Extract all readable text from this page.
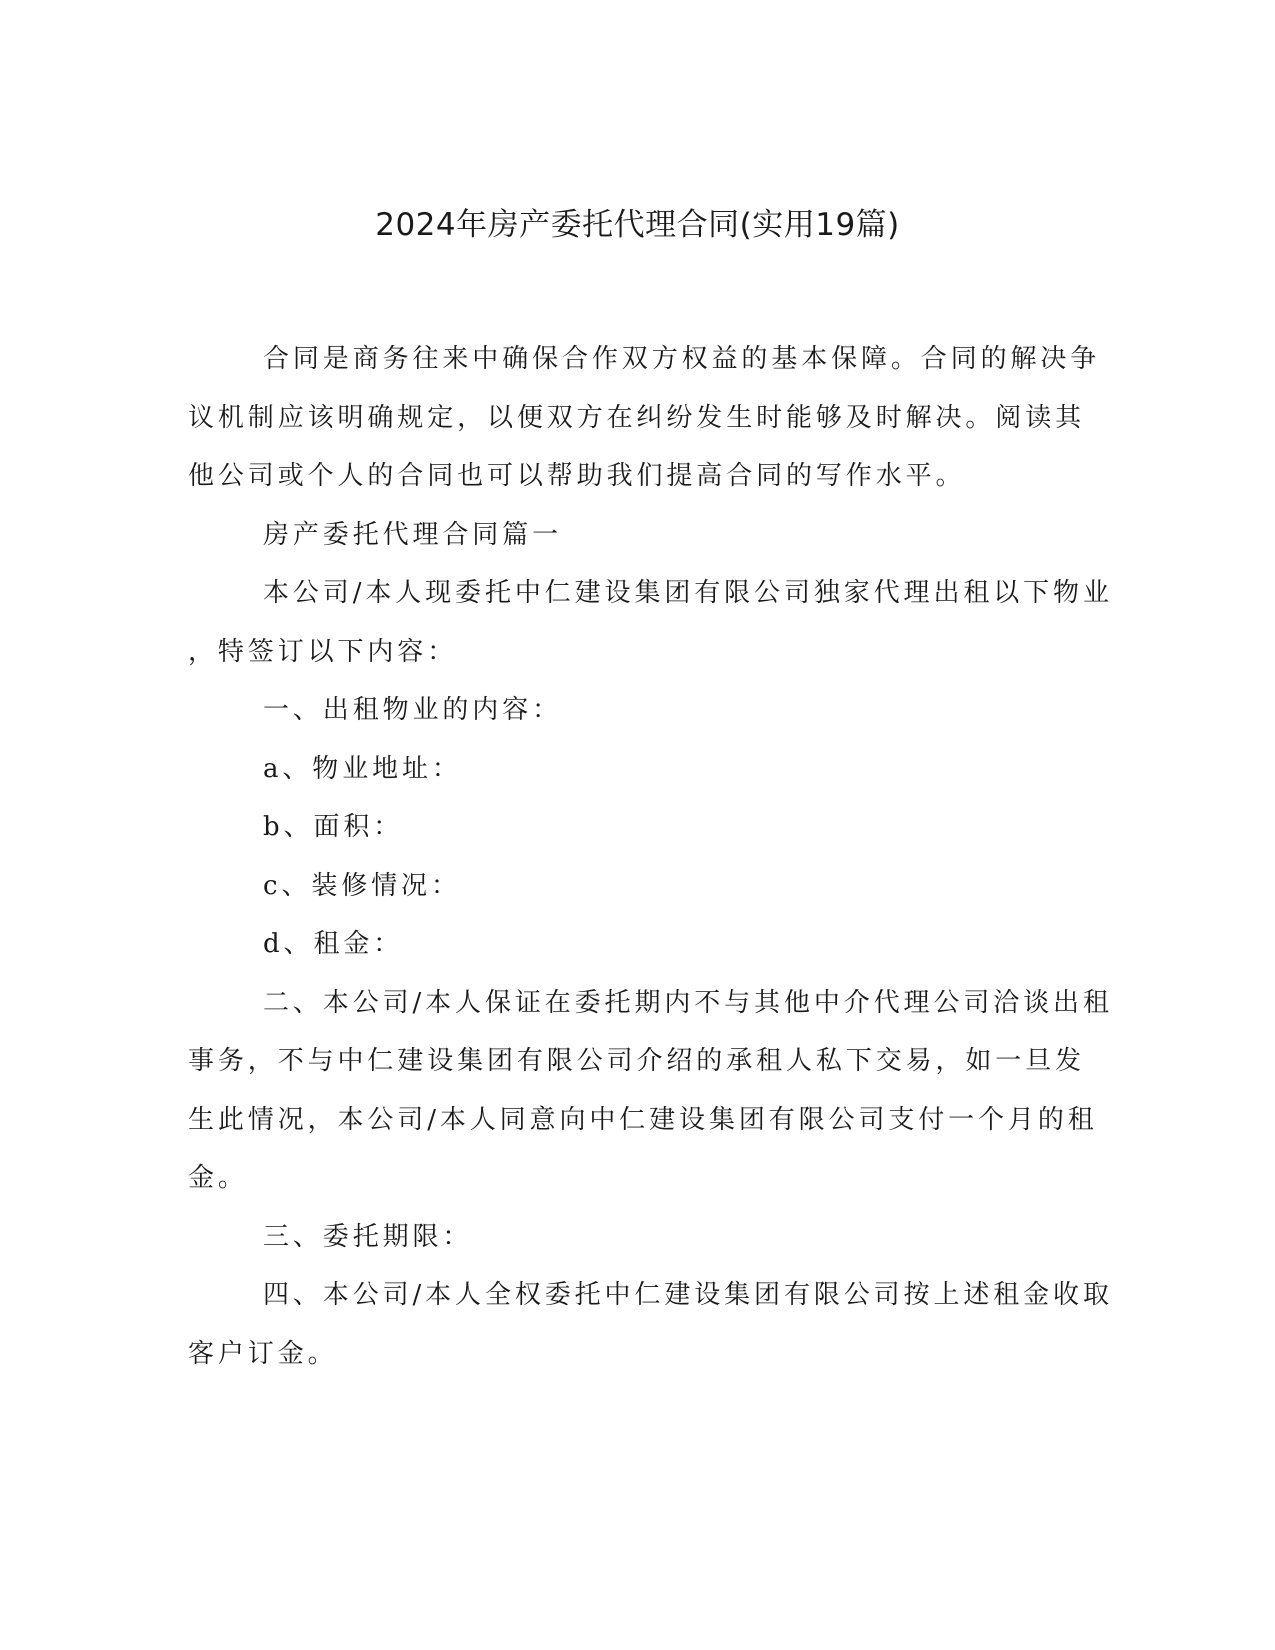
2024年房产委托代理合同(实用19篇)
合同是商务往来中确保合作双方权益的基本保障。合同的解决争
议机制应该明确规定，以便双方在纠纷发生时能够及时解决。阅读其
他公司或个人的合同也可以帮助我们提高合同的写作水平。
房产委托代理合同篇一
本公司/本人现委托中仁建设集团有限公司独家代理出租以下物业
，特签订以下内容：
一、出租物业的内容：
a、物业地址：
b、面积：
c、装修情况：
d、租金：
二、本公司/本人保证在委托期内不与其他中介代理公司洽谈出租
事务，不与中仁建设集团有限公司介绍的承租人私下交易，如一旦发
生此情况，本公司/本人同意向中仁建设集团有限公司支付一个月的租
金。
三、委托期限：
四、本公司/本人全权委托中仁建设集团有限公司按上述租金收取
客户订金。
